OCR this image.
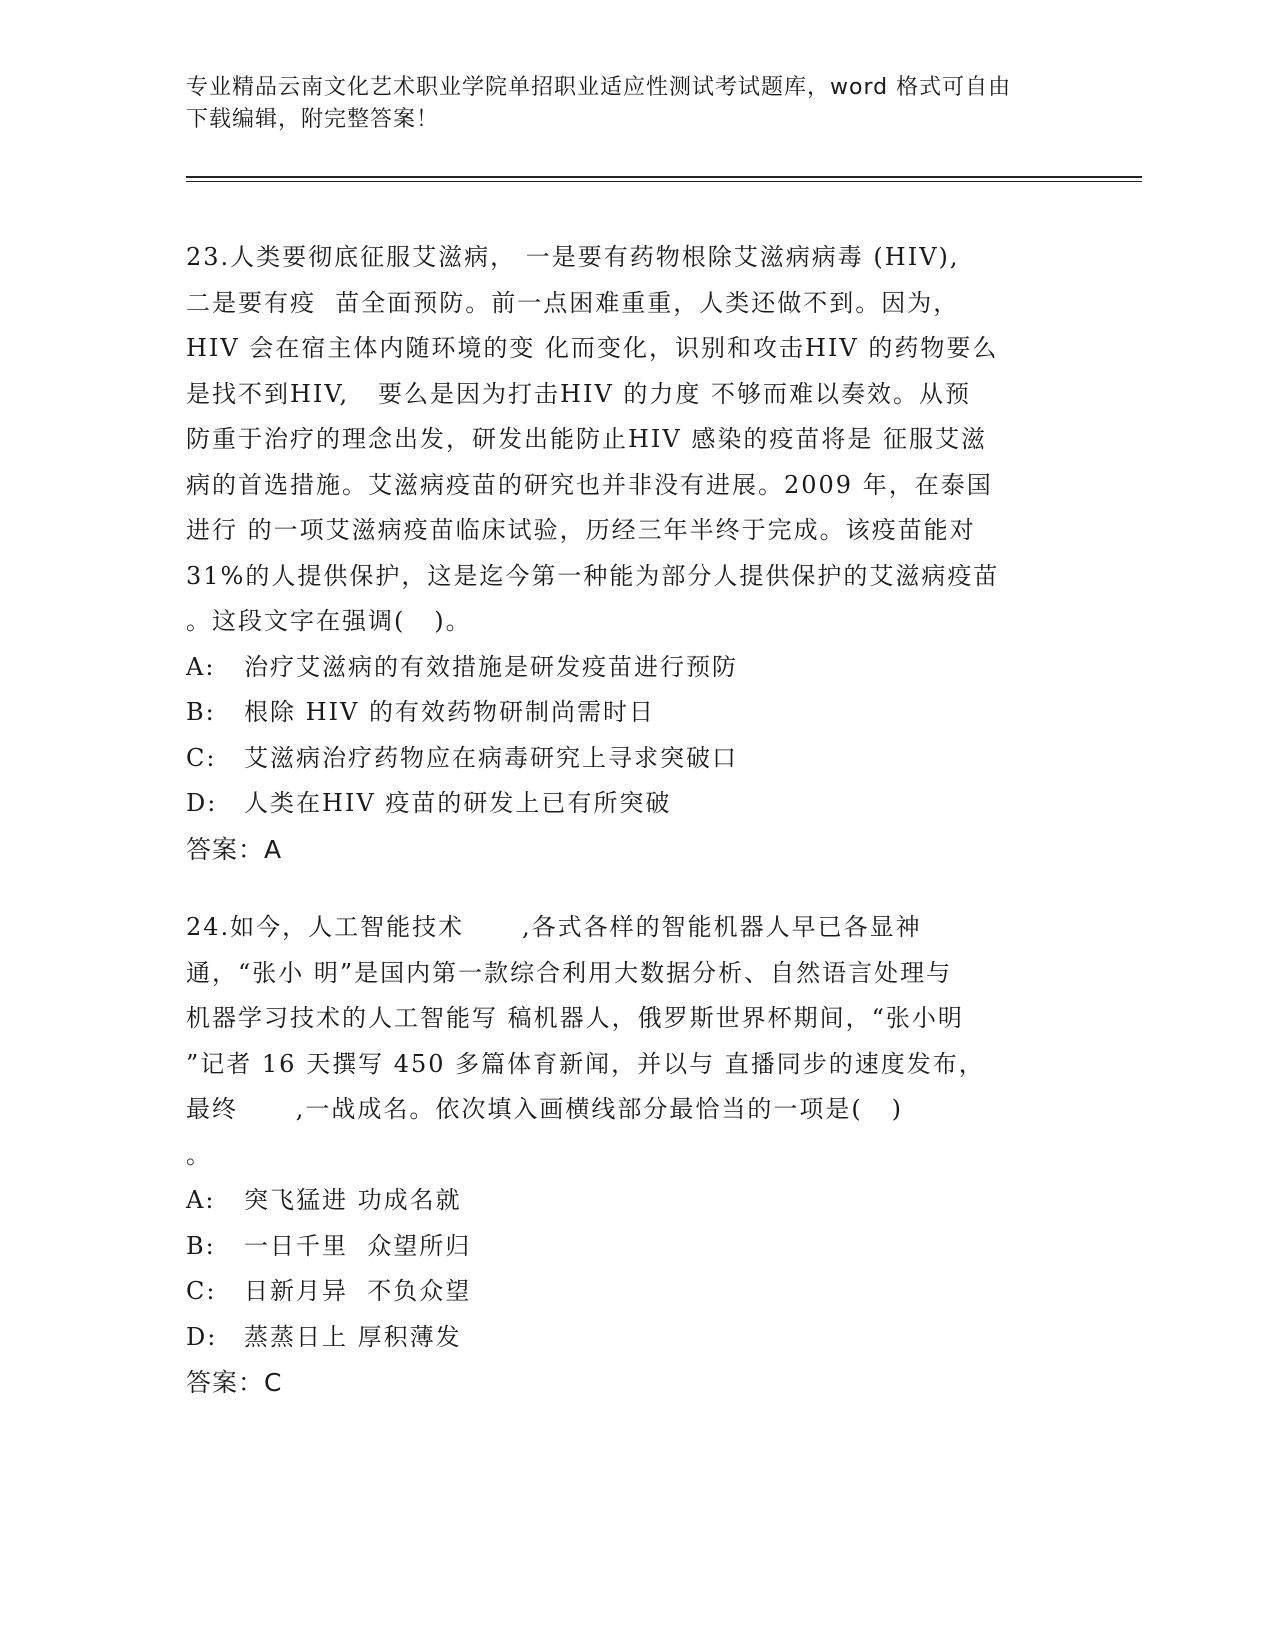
专业精品云南文化艺术职业学院单招职业适应性测试考试题库，word 格式可自由
下载编辑，附完整答案！
23.人类要彻底征服艾滋病， 一是要有药物根除艾滋病病毒 (HIV),
二是要有疫  苗全面预防。前一点困难重重，人类还做不到。因为，
HIV 会在宿主体内随环境的变 化而变化，识别和攻击HIV 的药物要么
是找不到HIV,   要么是因为打击HIV 的力度 不够而难以奏效。从预
防重于治疗的理念出发，研发出能防止HIV 感染的疫苗将是 征服艾滋
病的首选措施。艾滋病疫苗的研究也并非没有进展。2009 年，在泰国
进行 的一项艾滋病疫苗临床试验，历经三年半终于完成。该疫苗能对
31%的人提供保护，这是迄今第一种能为部分人提供保护的艾滋病疫苗
。这段文字在强调(   )。
A: 治疗艾滋病的有效措施是研发疫苗进行预防
B: 根除 HIV 的有效药物研制尚需时日
C: 艾滋病治疗药物应在病毒研究上寻求突破口
D: 人类在HIV 疫苗的研发上已有所突破
答案：A
24.如今，人工智能技术      ,各式各样的智能机器人早已各显神
通，“张小 明”是国内第一款综合利用大数据分析、自然语言处理与
机器学习技术的人工智能写 稿机器人，俄罗斯世界杯期间，“张小明
”记者 16 天撰写 450 多篇体育新闻，并以与 直播同步的速度发布，
最终      ,一战成名。依次填入画横线部分最恰当的一项是(   )
。
A: 突飞猛进 功成名就
B: 一日千里  众望所归
C: 日新月异  不负众望
D: 蒸蒸日上 厚积薄发
答案：C
